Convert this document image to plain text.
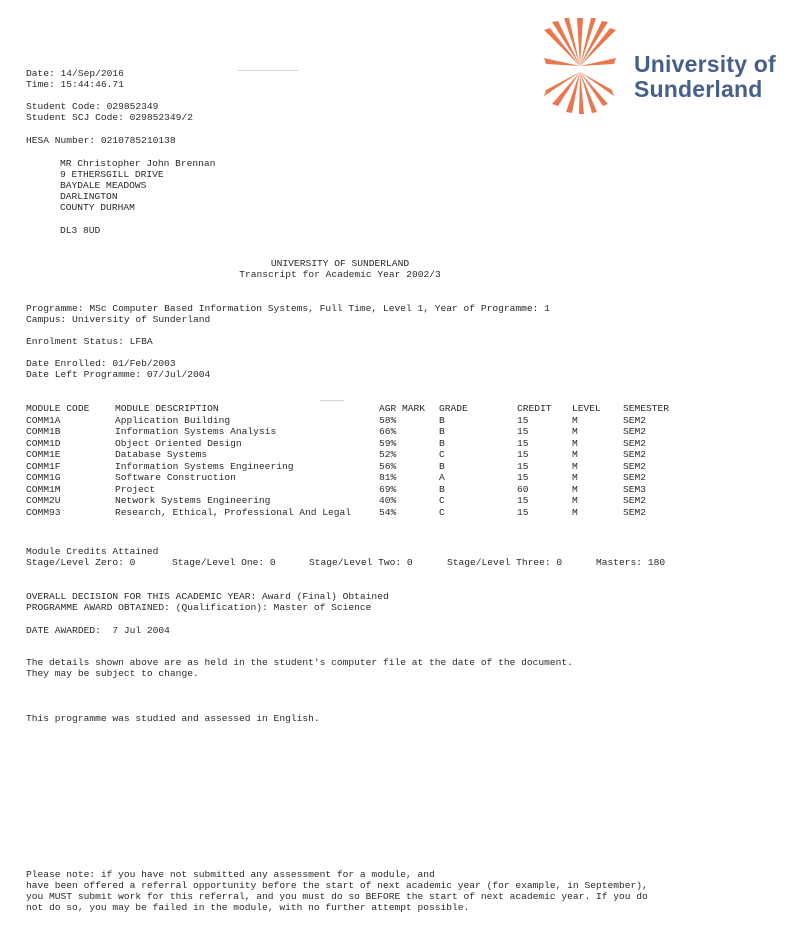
University of
Sunderland
Date: 14/Sep/2016
Time: 15:44:46.71
Student Code: 029852349
Student SCJ Code: 029852349/2
HESA Number: 0210785210138
MR Christopher John Brennan
9 ETHERSGILL DRIVE
BAYDALE MEADOWS
DARLINGTON
COUNTY DURHAM
DL3 8UD
UNIVERSITY OF SUNDERLAND
Transcript for Academic Year 2002/3
Programme: MSc Computer Based Information Systems, Full Time, Level 1, Year of Programme: 1
Campus: University of Sunderland
Enrolment Status: LFBA
Date Enrolled: 01/Feb/2003
Date Left Programme: 07/Jul/2004
MODULE CODE	MODULE DESCRIPTION	AGR MARK	GRADE	CREDIT	LEVEL	SEMESTER
COMM1A	Application Building	58%	B	15	M	SEM2
COMM1B	Information Systems Analysis	66%	B	15	M	SEM2
COMM1D	Object Oriented Design	59%	B	15	M	SEM2
COMM1E	Database Systems	52%	C	15	M	SEM2
COMM1F	Information Systems Engineering	56%	B	15	M	SEM2
COMM1G	Software Construction	81%	A	15	M	SEM2
COMM1M	Project	69%	B	60	M	SEM3
COMM2U	Network Systems Engineering	40%	C	15	M	SEM2
COMM93	Research, Ethical, Professional And Legal	54%	C	15	M	SEM2
Module Credits Attained
Stage/Level Zero: 0	Stage/Level One: 0	Stage/Level Two: 0	Stage/Level Three: 0	Masters: 180
OVERALL DECISION FOR THIS ACADEMIC YEAR: Award (Final) Obtained
PROGRAMME AWARD OBTAINED: (Qualification): Master of Science
DATE AWARDED:  7 Jul 2004
The details shown above are as held in the student's computer file at the date of the document.
They may be subject to change.
This programme was studied and assessed in English.
Please note: if you have not submitted any assessment for a module, and
have been offered a referral opportunity before the start of next academic year (for example, in September),
you MUST submit work for this referral, and you must do so BEFORE the start of next academic year. If you do
not do so, you may be failed in the module, with no further attempt possible.
